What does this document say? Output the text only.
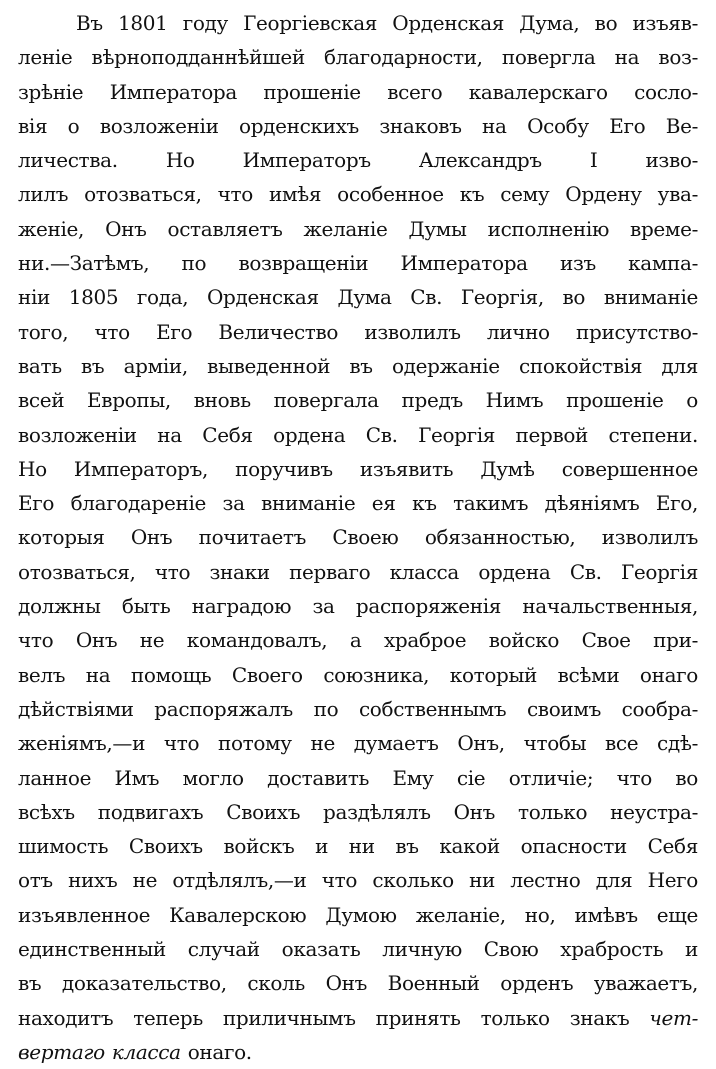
Въ 1801 году Георгіевская Орденская Дума, во изъяв-
леніе вѣрноподданнѣйшей благодарности, повергла на воз-
зрѣніе Императора прошеніе всего кавалерскаго сосло-
вія о возложеніи орденскихъ знаковъ на Особу Его Ве-
личества. Но Императоръ Александръ I изво-
лилъ отозваться, что имѣя особенное къ сему Ордену ува-
женіе, Онъ оставляетъ желаніе Думы исполненію време-
ни.—Затѣмъ, по возвращеніи Императора изъ кампа-
ніи 1805 года, Орденская Дума Св. Георгія, во вниманіе
того, что Его Величество изволилъ лично присутство-
вать въ арміи, выведенной въ одержаніе спокойствія для
всей Европы, вновь повергала предъ Нимъ прошеніе о
возложеніи на Себя ордена Св. Георгія первой степени.
Но Императоръ, поручивъ изъявить Думѣ совершенное
Его благодареніе за вниманіе ея къ такимъ дѣяніямъ Его,
которыя Онъ почитаетъ Своею обязанностью, изволилъ
отозваться, что знаки перваго класса ордена Св. Георгія
должны быть наградою за распоряженія начальственныя,
что Онъ не командовалъ, а храброе войско Свое при-
велъ на помощь Своего союзника, который всѣми онаго
дѣйствіями распоряжалъ по собственнымъ своимъ сообра-
женіямъ,—и что потому не думаетъ Онъ, чтобы все сдѣ-
ланное Имъ могло доставить Ему сіе отличіе; что во
всѣхъ подвигахъ Своихъ раздѣлялъ Онъ только неустра-
шимость Своихъ войскъ и ни въ какой опасности Себя
отъ нихъ не отдѣлялъ,—и что сколько ни лестно для Него
изъявленное Кавалерскою Думою желаніе, но, имѣвъ еще
единственный случай оказать личную Свою храбрость и
въ доказательство, сколь Онъ Военный орденъ уважаетъ,
находитъ теперь приличнымъ принять только знакъ чет-
вертаго класса онаго.
